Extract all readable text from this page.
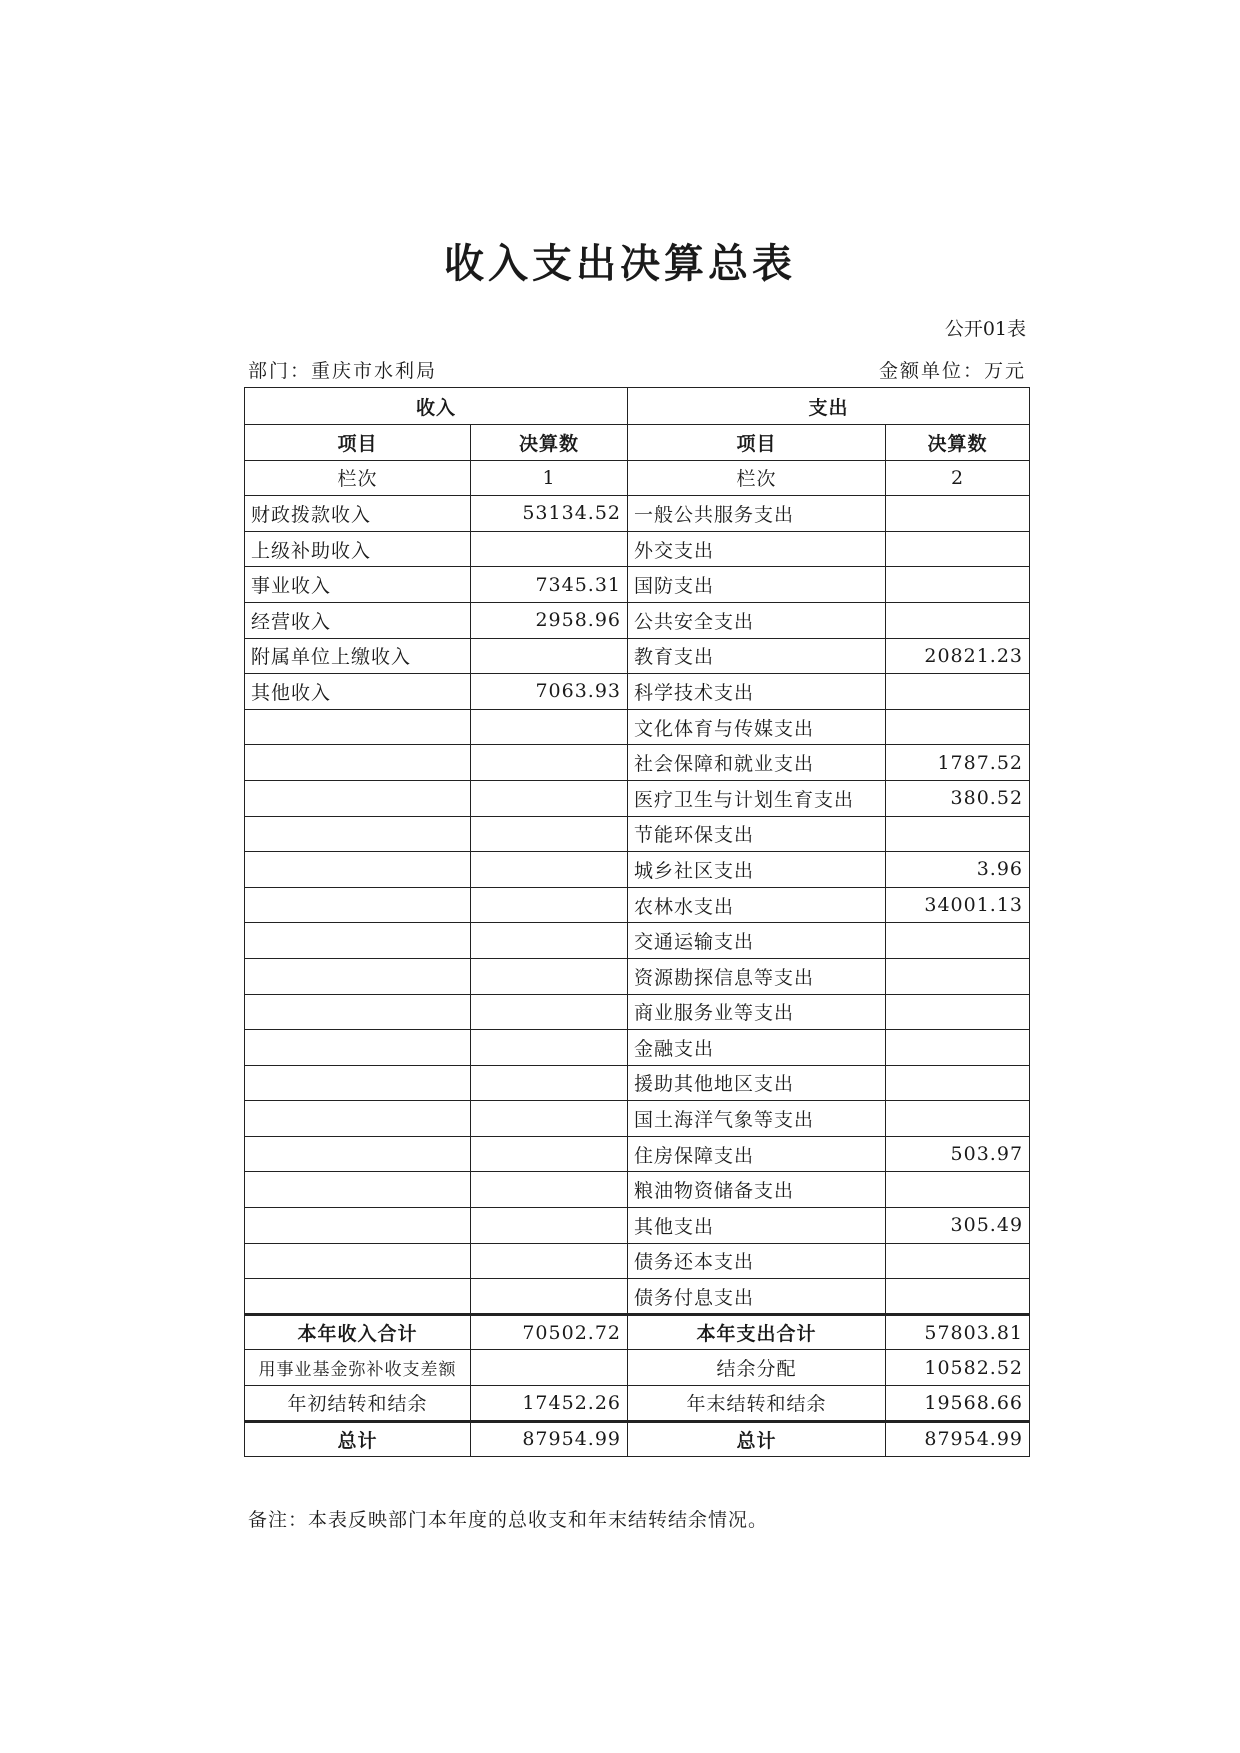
收入支出决算总表
公开01表
部门：重庆市水利局	金额单位：万元
收入		支出	
项目	决算数	项目	决算数
栏次	1	栏次	2
财政拨款收入	53134.52	一般公共服务支出	
上级补助收入		外交支出	
事业收入	7345.31	国防支出	
经营收入	2958.96	公共安全支出	
附属单位上缴收入		教育支出	20821.23
其他收入	7063.93	科学技术支出	
		文化体育与传媒支出	
		社会保障和就业支出	1787.52
		医疗卫生与计划生育支出	380.52
		节能环保支出	
		城乡社区支出	3.96
		农林水支出	34001.13
		交通运输支出	
		资源勘探信息等支出	
		商业服务业等支出	
		金融支出	
		援助其他地区支出	
		国土海洋气象等支出	
		住房保障支出	503.97
		粮油物资储备支出	
		其他支出	305.49
		债务还本支出	
		债务付息支出	
本年收入合计	70502.72	本年支出合计	57803.81
用事业基金弥补收支差额		结余分配	10582.52
年初结转和结余	17452.26	年末结转和结余	19568.66
总计	87954.99	总计	87954.99
备注：本表反映部门本年度的总收支和年末结转结余情况。
